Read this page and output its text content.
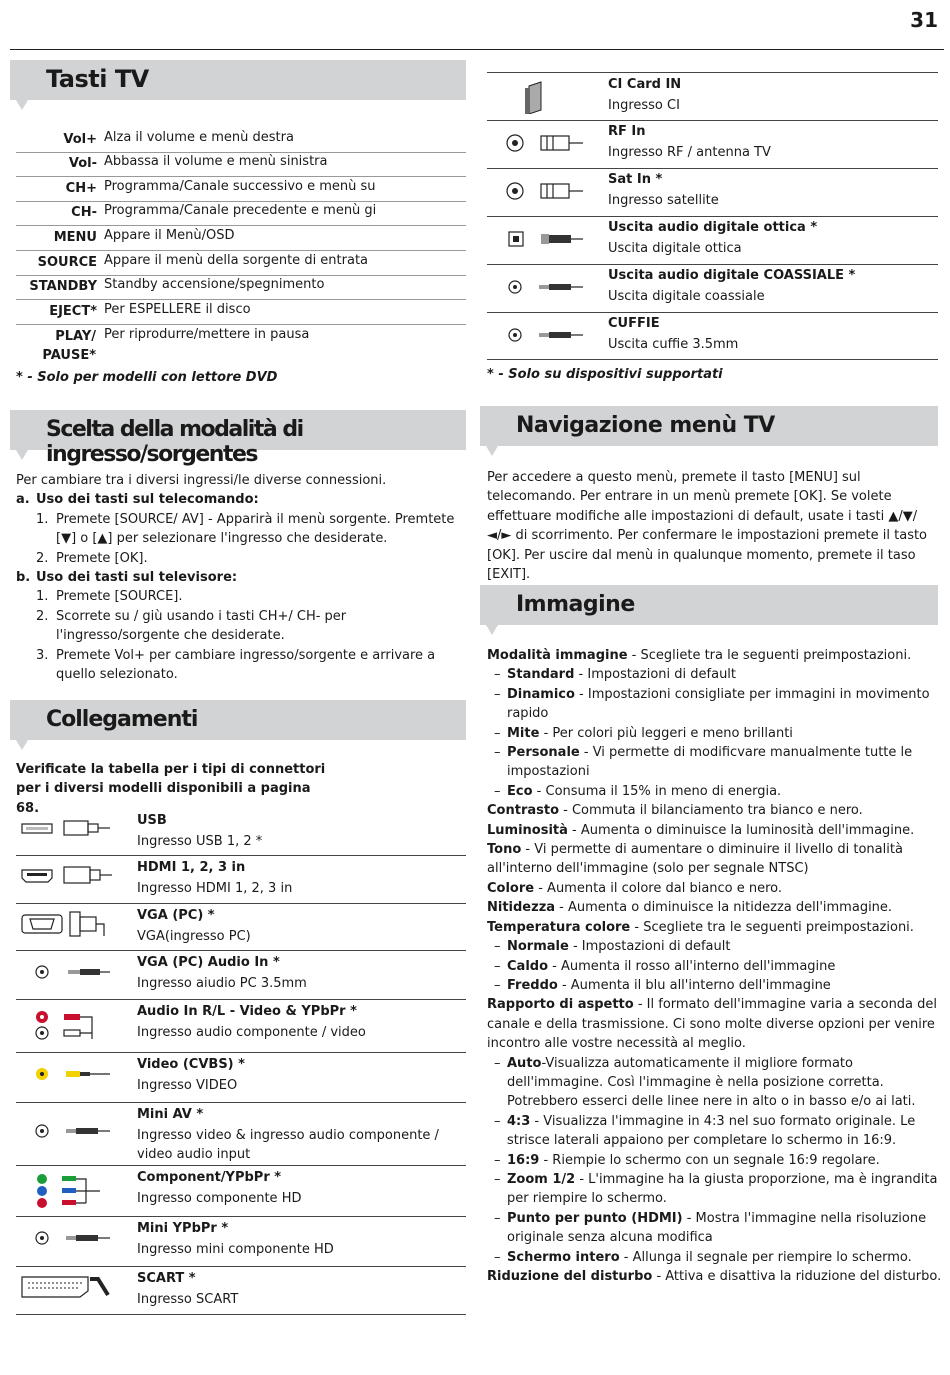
31
Tasti TV
Vol+ Alza il volume e menù destra
Vol- Abbassa il volume e menù sinistra
CH+ Programma/Canale successivo e menù su
CH- Programma/Canale precedente e menù gi
MENU Appare il Menù/OSD
SOURCE Appare il menù della sorgente di entrata
STANDBY Standby accensione/spegnimento
EJECT* Per ESPELLERE il disco
PLAY/ PAUSE*
Per riprodurre/mettere in pausa
* - Solo per modelli con lettore DVD
Scelta della modalità di ingresso/sorgentes
Per cambiare tra i diversi ingressi/le diverse connessioni.
a. Uso dei tasti sul telecomando:
1. Premete [SOURCE/ AV] - Apparirà il menù sorgente. Premtete [▼] o [▲] per selezionare l'ingresso che desiderate.
2. Premete [OK].
b. Uso dei tasti sul televisore:
1. Premete [SOURCE].
2. Scorrete su / giù usando i tasti CH+/ CH- per l'ingresso/sorgente che desiderate.
3. Premete Vol+ per cambiare ingresso/sorgente e arrivare a quello selezionato.
Collegamenti
Verificate la tabella per i tipi di connettori per i diversi modelli disponibili a pagina 68.
USB
Ingresso USB 1, 2 *
HDMI 1, 2, 3 in
Ingresso HDMI 1, 2, 3 in
VGA (PC) *
VGA(ingresso PC)
VGA (PC) Audio In *
Ingresso aiudio PC 3.5mm
Audio In R/L - Video & YPbPr *
Ingresso audio componente / video
Video (CVBS) *
Ingresso VIDEO
Mini AV *
Ingresso video & ingresso audio componente / video audio input
Component/YPbPr *
Ingresso componente HD
Mini YPbPr *
Ingresso mini componente HD
SCART *
Ingresso SCART
CI Card IN
Ingresso CI
RF In
Ingresso RF / antenna TV
Sat In *
Ingresso satellite
Uscita audio digitale ottica *
Uscita digitale ottica
Uscita audio digitale COASSIALE *
Uscita digitale coassiale
CUFFIE
Uscita cuffie 3.5mm
* - Solo su dispositivi supportati
Navigazione menù TV
Per accedere a questo menù, premete il tasto [MENU] sul telecomando. Per entrare in un menù premete [OK]. Se volete effettuare modifiche alle impostazioni di default, usate i tasti ▲/▼/◄/► di scorrimento. Per confermare le impostazioni premete il tasto [OK]. Per uscire dal menù in qualunque momento, premete il taso [EXIT].
Immagine
Modalità immagine - Scegliete tra le seguenti preimpostazioni.
– Standard - Impostazioni di default
– Dinamico - Impostazioni consigliate per immagini in movimento rapido
– Mite - Per colori più leggeri e meno brillanti
– Personale - Vi permette di modificvare manualmente tutte le impostazioni
– Eco - Consuma il 15% in meno di energia.
Contrasto - Commuta il bilanciamento tra bianco e nero.
Luminosità - Aumenta o diminuisce la luminosità dell'immagine.
Tono - Vi permette di aumentare o diminuire il livello di tonalità all'interno dell'immagine (solo per segnale NTSC)
Colore - Aumenta il colore dal bianco e nero.
Nitidezza - Aumenta o diminuisce la nitidezza dell'immagine.
Temperatura colore - Scegliete tra le seguenti preimpostazioni.
– Normale - Impostazioni di default
– Caldo - Aumenta il rosso all'interno dell'immagine
– Freddo - Aumenta il blu all'interno dell'immagine
Rapporto di aspetto - Il formato dell'immagine varia a seconda del canale e della trasmissione. Ci sono molte diverse opzioni per venire incontro alle vostre necessità al meglio.
– Auto-Visualizza automaticamente il migliore formato dell'immagine. Così l'immagine è nella posizione corretta. Potrebbero esserci delle linee nere in alto o in basso e/o ai lati.
– 4:3 - Visualizza l'immagine in 4:3 nel suo formato originale. Le strisce laterali appaiono per completare lo schermo in 16:9.
– 16:9 - Riempie lo schermo con un segnale 16:9 regolare.
– Zoom 1/2 - L'immagine ha la giusta proporzione, ma è ingrandita per riempire lo schermo.
– Punto per punto (HDMI) - Mostra l'immagine nella risoluzione originale senza alcuna modifica
– Schermo intero - Allunga il segnale per riempire lo schermo.
Riduzione del disturbo - Attiva e disattiva la riduzione del disturbo.
